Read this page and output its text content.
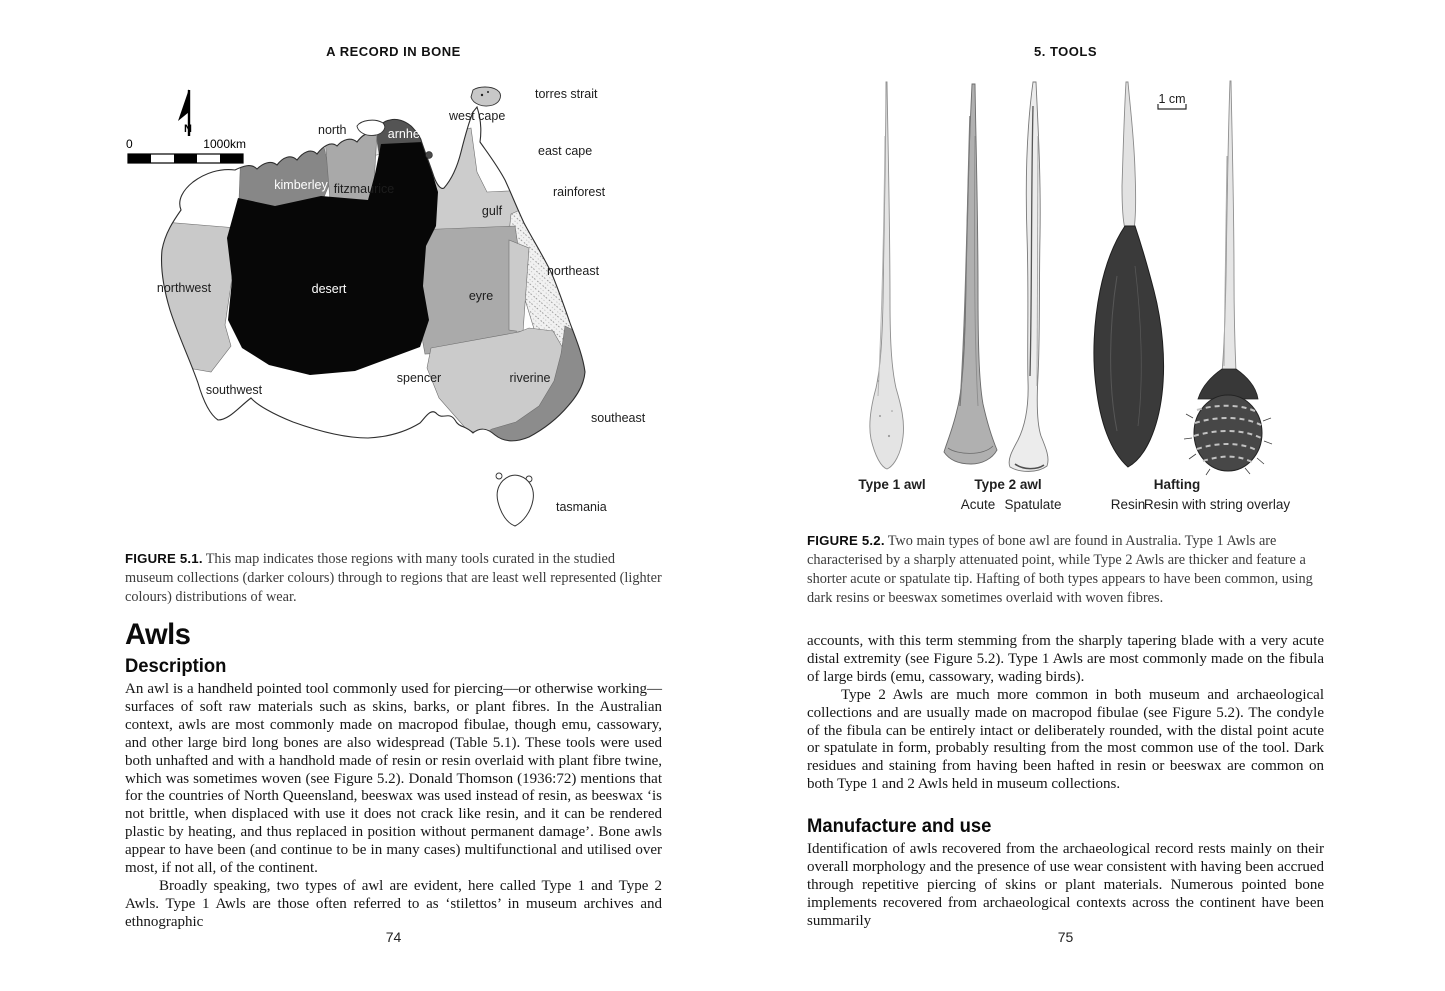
A RECORD IN BONE
N
0	1000km
torres strait
west cape
east cape
rainforest
north	arnhem
kimberley fitzmaurice
gulf
northeast
desert	eyre
northwest
riverine
southeast
southwest
spencer
tasmania
FIGURE 5.1. This map indicates those regions with many tools curated in the studied museum collections (darker colours) through to regions that are least well represented (lighter colours) distributions of wear.
Awls
Description

An awl is a handheld pointed tool commonly used for piercing—or otherwise working—surfaces of soft raw materials such as skins, barks, or plant fibres. In the Australian context, awls are most commonly made on macropod fibulae, though emu, cassowary, and other large bird long bones are also widespread (Table 5.1). These tools were used both unhafted and with a handhold made of resin or resin overlaid with plant fibre twine, which was sometimes woven (see Figure 5.2). Donald Thomson (1936:72) mentions that for the countries of North Queensland, beeswax was used instead of resin, as beeswax ‘is not brittle, when displaced with use it does not crack like resin, and it can be rendered plastic by heating, and thus replaced in position without permanent damage’. Bone awls appear to have been (and continue to be in many cases) multifunctional and utilised over most, if not all, of the continent.

Broadly speaking, two types of awl are evident, here called Type 1 and Type 2 Awls. Type 1 Awls are those often referred to as ‘stilettos’ in museum archives and ethnographic

74
5. TOOLS
1 cm
Type 1 awl	Type 2 awl	Hafting
Acute Spatulate	Resin
Resin with string overlay
FIGURE 5.2. Two main types of bone awl are found in Australia. Type 1 Awls are characterised by a sharply attenuated point, while Type 2 Awls are thicker and feature a shorter acute or spatulate tip. Hafting of both types appears to have been common, using dark resins or beeswax sometimes overlaid with woven fibres.

accounts, with this term stemming from the sharply tapering blade with a very acute distal extremity (see Figure 5.2). Type 1 Awls are most commonly made on the fibula of large birds (emu, cassowary, wading birds).

Type 2 Awls are much more common in both museum and archaeological collections and are usually made on macropod fibulae (see Figure 5.2). The condyle of the fibula can be entirely intact or deliberately rounded, with the distal point acute or spatulate in form, probably resulting from the most common use of the tool. Dark residues and staining from having been hafted in resin or beeswax are common on both Type 1 and 2 Awls held in museum collections.

Manufacture and use

Identification of awls recovered from the archaeological record rests mainly on their overall morphology and the presence of use wear consistent with having been accrued through repetitive piercing of skins or plant materials. Numerous pointed bone implements recovered from archaeological contexts across the continent have been summarily

75
